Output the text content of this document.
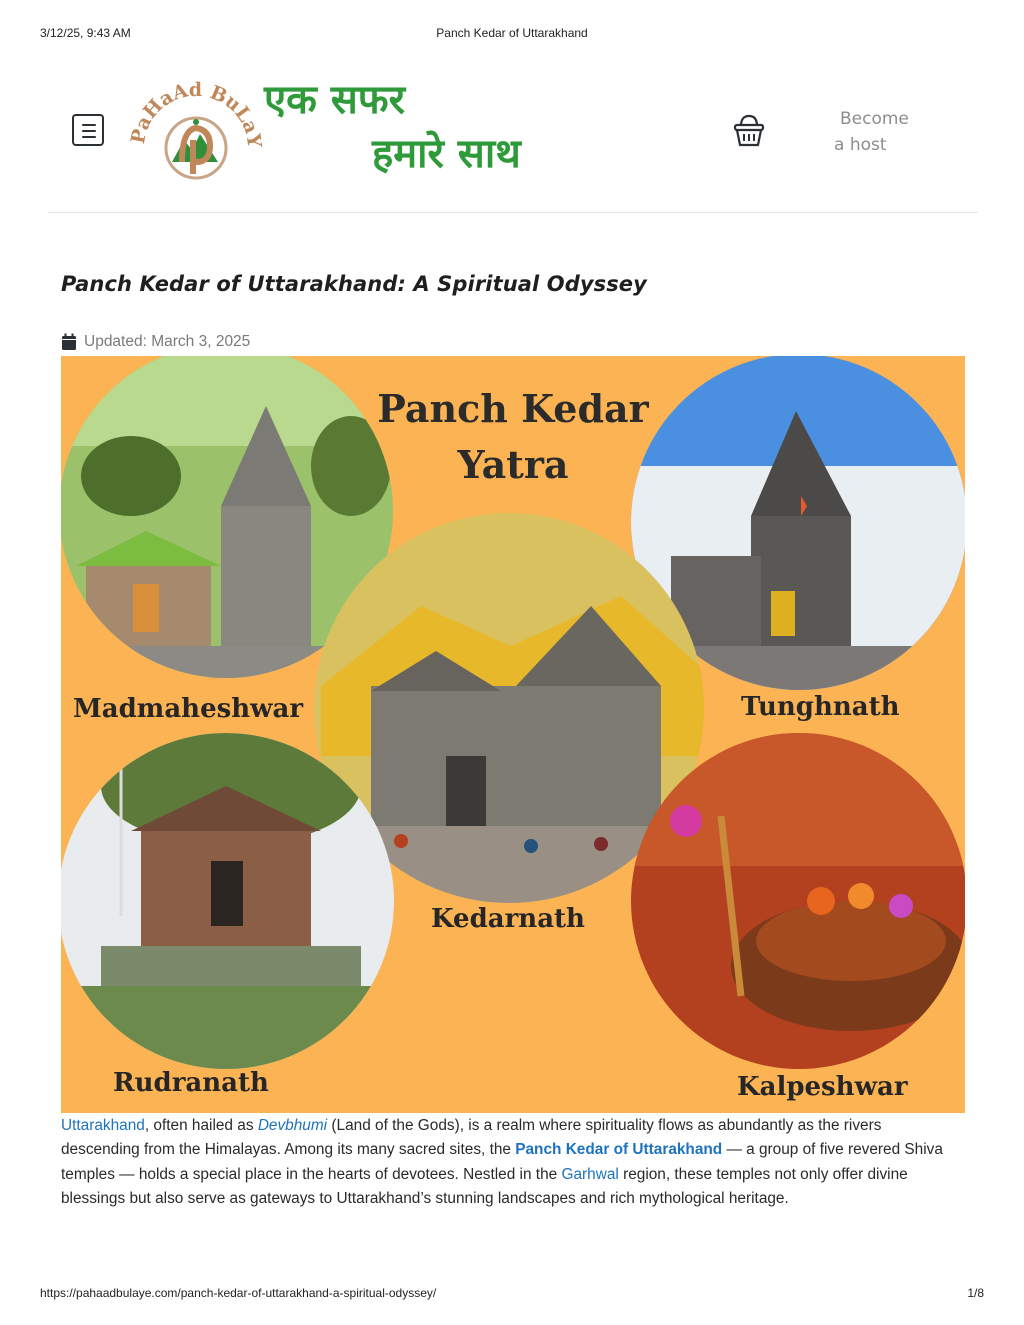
3/12/25, 9:43 AM	Panch Kedar of Uttarakhand
PaHaAd BuLaY
एक सफर
हमारे साथ
Become
a host
Panch Kedar of Uttarakhand: A Spiritual Odyssey
Updated: March 3, 2025
Panch Kedar
Yatra
Madmaheshwar	Tunghnath
Kedarnath
Rudranath	Kalpeshwar

Uttarakhand, often hailed as Devbhumi (Land of the Gods), is a realm where spirituality flows as abundantly as the rivers descending from the Himalayas. Among its many sacred sites, the Panch Kedar of Uttarakhand — a group of five revered Shiva temples — holds a special place in the hearts of devotees. Nestled in the Garhwal region, these temples not only offer divine blessings but also serve as gateways to Uttarakhand’s stunning landscapes and rich mythological heritage.

https://pahaadbulaye.com/panch-kedar-of-uttarakhand-a-spiritual-odyssey/	1/8
